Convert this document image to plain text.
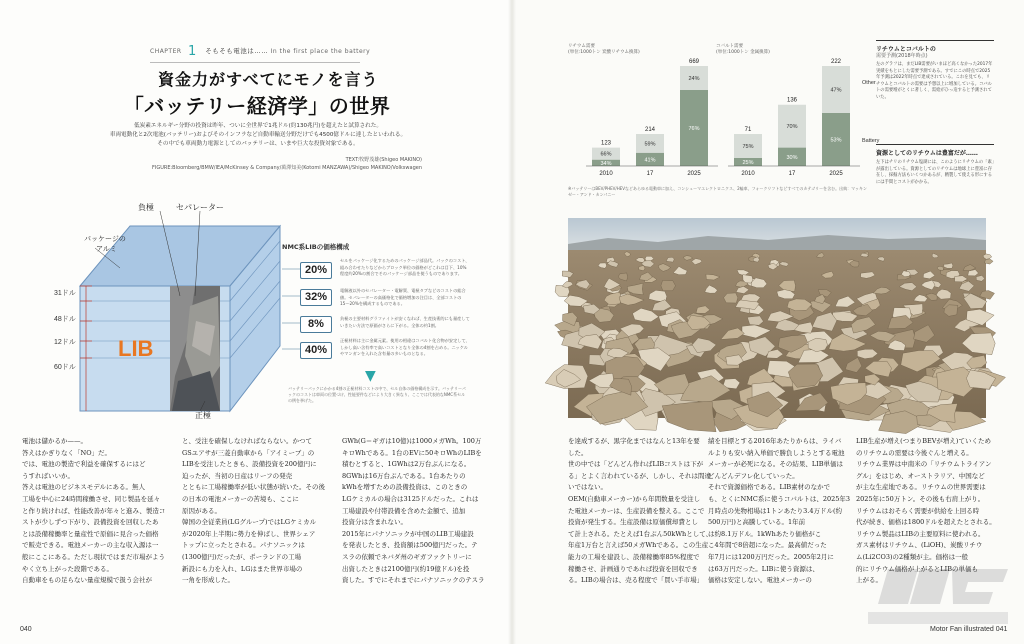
CHAPTER 1 そもそも電池は…… In the first place the battery
資金力がすべてにモノを言う
「バッテリー経済学」の世界
低炭素エネルギー分野の投資は昨年、ついに全世界で1兆ドル(約130兆円)を超えたと試算された。
車両電動化と2次電池(バッテリー)およびそのインフラなど自動車輸送分野だけでも4500億ドルに達したといわれる。
その中でも車両動力電源としてのバッテリーは、いまや巨大な投資対象である。
TEXT:牧野茂雄(Shigeo MAKINO)
FIGURE:Bloomberg/BMW/IEA/McKinsey & Company/萬澤知美(Kotomi MANZAWA)/Shigeo MAKINO/Volkswagen
負極	セパレーター
パッケージの
アルミ
正極
LIB
31ドル
48ドル
12ドル
60ドル
NMC系LIBの価格構成
20%
32%
8%
40%
セルをパッケージ化するためのパッケージ部品代。パックのコスト、組み合わせたりなどからブロック単位の価格がどこれは目下、10%程度約20%の割合でそのパッケージ部品を使うものであります。
電解液以外のセパレーター・電解質、電極タブなどのコストの総合値。セパレーターの高価格化で価格増加の注目は、全部コストの15〜20%を構成するものである。
負極の主要材料グラファイトが安くなれば、生産技術的にも量産していきたい方法で原価がさらに下がる。全体の約1割。
正極材料は主に金属元素。使用の相違はコバルト化合物が安定して、しかし高い含有率で高いコストとなり全体の4割を占める。ニッケルやマンガンを入れた含有量の多いものとなる。
▼
バッテリーパックにかかる4割の正極材料コストの中で、セル自体の価格構成を示す。バッテリーパックのコストは車両の位置づけ、性能要件などにより大きく異なり、ここでは代表的なNMC系セルの例を挙げた。
電池は儲かるか——。
答えはかぎりなく「NO」だ。
では、電池の製造で利益を確保するにはど
うすればいいか。
答えは電池のビジネスモデルにある。無人
工場を中心に24時間稼働させ、同じ製品を延々
と作り続ければ、性能改善が年々と進み、製造コ
ストが少しずつ下がり、設備投資を回収したあ
とは設備稼働率と量産性で原価に見合った価格
で販売できる。電池メーカーの主な収入源は一
般にここにある。ただし現状ではまだ市場がよう
やく立ち上がった段階である。
自動車をもの足らない量産規模で扱う会社が
と、受注を確保しなければならない。かつて
GSユアサが三菱自動車から「アイミーブ」の
LIBを受注したときも、設備投資を200億円に
迫ったが、当初の日産はリーフの発売
とともに工場稼働率が低い状態が続いた。その後
の日本の電池メーカーの苦境も、ここに
原因がある。
韓国の全従業員(LGグループ)ではLGケミカル
が2020年上半期に勢力を伸ばし、世界シェア
トップに立ったとされる。パナソニックは
(1300億円)だったが、ポーランドの工場
新設にも力を入れ、LGはまた世界市場の
一角を形成した。
GWh(G＝ギガは10億)は1000メガWh。100万
キロWhである。1台のEVに50キロWhのLIBを
積むとすると、1GWhは2万台ぶんになる。
8GWhは16万台ぶんである。1台あたりの
kWhを増すための設備投資は、このときの
LGケミカルの場合は3125ドルだった。これは
工場建設や付帯設備を含めた金額で、追加
投資分は含まれない。
2015年にパナソニックが中国のLIB工場建設
を発表したとき、投資額は500億円だった。テ
スラの依頼でネバダ州のギガファクトリーに
出資したときは2100億円(約19億ドル)を投
資した。すでにそれまでにパナソニックのテスラ
リチウム需要
(単位:1000トン 炭酸リチウム換算)
コバルト需要
(単位:1000トン 金属換算)
123
66%
34%
2010
214
59%
41%
17
669
24%
76%
2025
71
75%
25%
2010
136
70%
30%
17
222
47%
53%
2025
Other
Battery
※バッテリーはBEV/PHEV/HEVなどあらゆる電動車に加え、コンシューマエレクトロニクス、2輪車、フォークリフトなどすべてのカテゴリーを含む。出典：マッキンゼー・アンド・カンパニー
リチウムとコバルトの
需要予測(2018年時点)
左のグラフは、まだLIB需要がいまほど高くなかった2017年実績をもとにした需要予測である。すでにこの時点で2025年予測は2022年時点で達成されている。これを見ても、リチウムとコバルトの需要は予想以上に増加している。コバルトの需要増がとくに著しく、需給がひっ迫すると予測されていた。
資源としてのリチウムは豊富だが……
左下はチリのリチウム塩湖には、このようにリチウムの「素」が露出している。資源としてのリチウムは地球上に豊富に存在し、採掘方法もいくつかあるが、精製して使える形にするには手間とコストがかかる。
040	Motor Fan illustrated 041
を達成するが、黒字化まではなんと13年を要
した。
世の中では「どんどん作ればLIBコストは下が
る」とよく言われているが、しかし、それは間違
いではない。
OEM(自動車メーカー)から年間数量を受注し
た電池メーカーは、生産設備を整える。ここで
投資が発生する。生産設備は原価償却費とし
て計上される。たとえば1台ぶん50kWhとして、
年産1万台と言えば50メガWhである。この生産
能力の工場を建設し、設備稼働率85%程度で
稼働させ、計画通りであれば投資を回収でき
る。LIBの場合は、売る程度で「買い手市場」
績を目標とする2016年あたりからは、ライバ
ルよりも安い納入単価で勝負しようとする電池
メーカーが必死になる。その結果、LIB単価は
どんどんデフレ化していった。
それで資源価格である。LIB素材のなかで
も、とくにNMC系に使うコバルトは、2025年3
月時点の先物相場は1トンあたり3.4万ドル(約
500万円)と高騰している。1年前
は約8.1万ドル。1kWhあたり価格がこ
こ4年間で8倍超になった。最高値だった
年7月には1200万円だった。2005年2月に
は63万円だった。LIBに使う資源は、
価格は安定しない。電池メーカーの
LIB生産が増え(つまりBEVが増え)ていくため
のリチウムの需要は今後ぐんと増える。
リチウム業界は中南米の「リチウムトライアン
グル」をはじめ、オーストラリア、中国など
が主な生産地である。リチウムの世界需要は
2025年に50万トン。その後も右肩上がり。
リチウムはおそらく需要が供給を上回る時
代が続き、価格は1800ドルを超えたとされる。
リチウム製品はLIBの主要原料に使われる。
ガス素材はリチウム、(LiOH)、炭酸リチウ
ム(Li2CO3)の2種類が主。価格は一般
的にリチウム価格が上がるとLIBの単価も
上がる。
